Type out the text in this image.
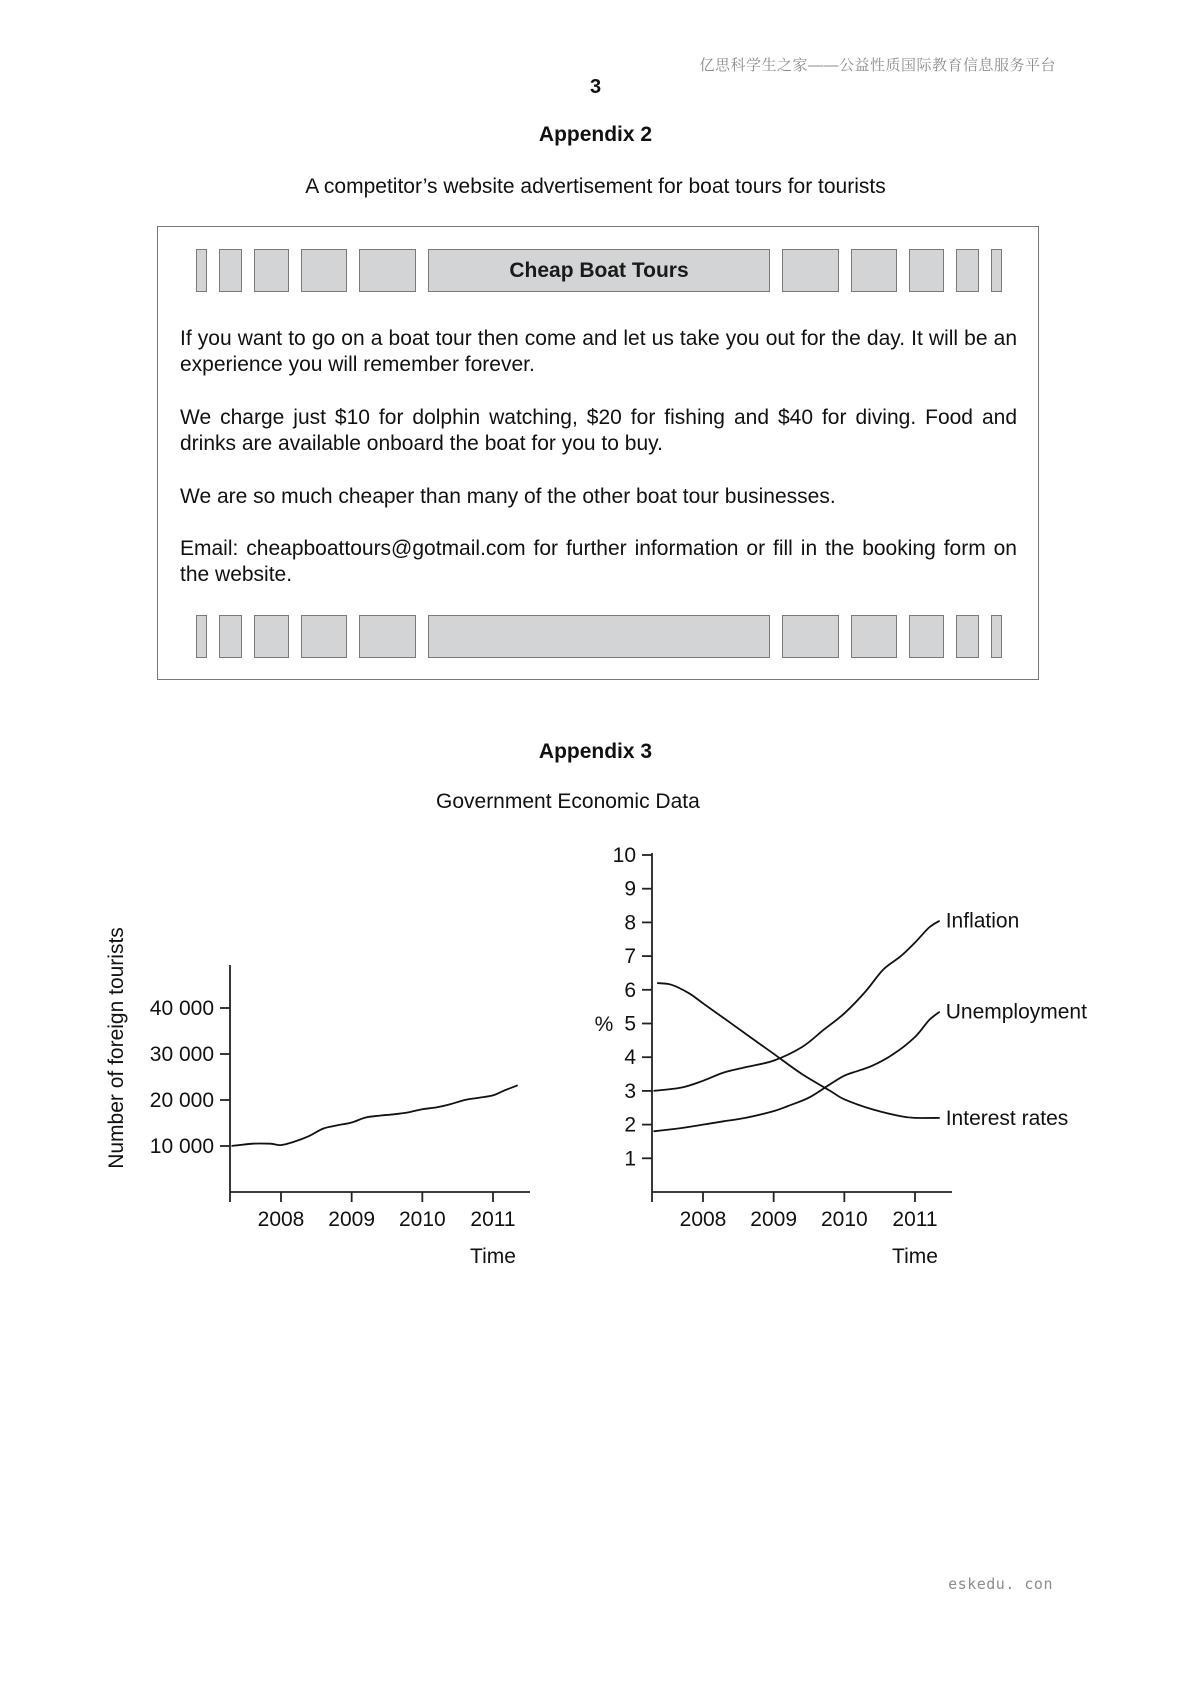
亿思科学生之家——公益性质国际教育信息服务平台
3
Appendix 2
A competitor’s website advertisement for boat tours for tourists
Cheap Boat Tours
If you want to go on a boat tour then come and let us take you out for the day. It will be an experience you will remember forever.
We charge just $10 for dolphin watching, $20 for fishing and $40 for diving. Food and drinks are available onboard the boat for you to buy.
We are so much cheaper than many of the other boat tour businesses.
Email: cheapboattours@gotmail.com for further information or fill in the booking form on the website.
Appendix 3
Government Economic Data
10 000
20 000
30 000
40 000
2008 2009 2010 2011
Time
Number of foreign tourists	1
2
3
4
5
6
7
8
9
10
2008 2009 2010 2011
Inflation
Unemployment
Interest rates
Time
%
eskedu. con
